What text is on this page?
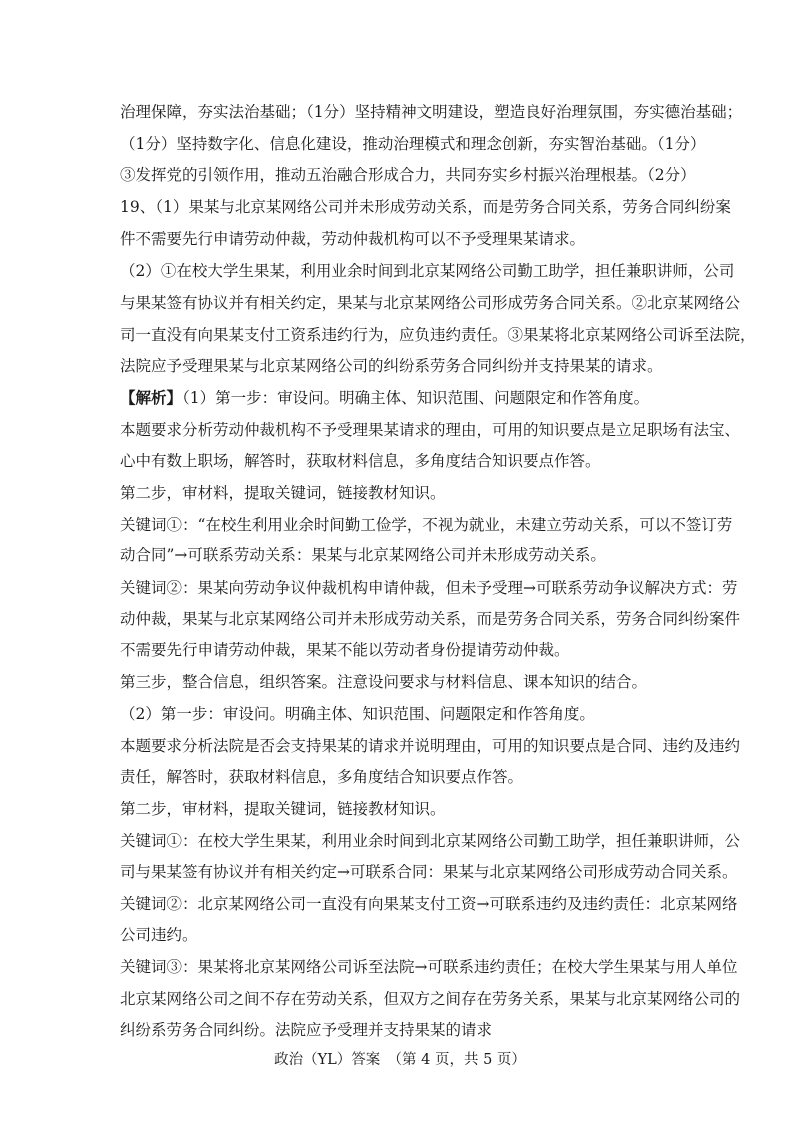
治理保障，夯实法治基础；（1分）坚持精神文明建设，塑造良好治理氛围，夯实德治基础；
（1分）坚持数字化、信息化建设，推动治理模式和理念创新，夯实智治基础。（1分）
③发挥党的引领作用，推动五治融合形成合力，共同夯实乡村振兴治理根基。（2分）
19、（1）果某与北京某网络公司并未形成劳动关系，而是劳务合同关系，劳务合同纠纷案
件不需要先行申请劳动仲裁，劳动仲裁机构可以不予受理果某请求。
（2）①在校大学生果某，利用业余时间到北京某网络公司勤工助学，担任兼职讲师，公司
与果某签有协议并有相关约定，果某与北京某网络公司形成劳务合同关系。②北京某网络公
司一直没有向果某支付工资系违约行为，应负违约责任。③果某将北京某网络公司诉至法院，
法院应予受理果某与北京某网络公司的纠纷系劳务合同纠纷并支持果某的请求。
【解析】（1）第一步：审设问。明确主体、知识范围、问题限定和作答角度。
本题要求分析劳动仲裁机构不予受理果某请求的理由，可用的知识要点是立足职场有法宝、
心中有数上职场，解答时，获取材料信息，多角度结合知识要点作答。
第二步，审材料，提取关键词，链接教材知识。
关键词①：“在校生利用业余时间勤工俭学，不视为就业，未建立劳动关系，可以不签订劳
动合同”→可联系劳动关系：果某与北京某网络公司并未形成劳动关系。
关键词②：果某向劳动争议仲裁机构申请仲裁，但未予受理→可联系劳动争议解决方式：劳
动仲裁，果某与北京某网络公司并未形成劳动关系，而是劳务合同关系，劳务合同纠纷案件
不需要先行申请劳动仲裁，果某不能以劳动者身份提请劳动仲裁。
第三步，整合信息，组织答案。注意设问要求与材料信息、课本知识的结合。
（2）第一步：审设问。明确主体、知识范围、问题限定和作答角度。
本题要求分析法院是否会支持果某的请求并说明理由，可用的知识要点是合同、违约及违约
责任，解答时，获取材料信息，多角度结合知识要点作答。
第二步，审材料，提取关键词，链接教材知识。
关键词①：在校大学生果某，利用业余时间到北京某网络公司勤工助学，担任兼职讲师，公
司与果某签有协议并有相关约定→可联系合同：果某与北京某网络公司形成劳动合同关系。
关键词②：北京某网络公司一直没有向果某支付工资→可联系违约及违约责任：北京某网络
公司违约。
关键词③：果某将北京某网络公司诉至法院→可联系违约责任；在校大学生果某与用人单位
北京某网络公司之间不存在劳动关系，但双方之间存在劳务关系，果某与北京某网络公司的
纠纷系劳务合同纠纷。法院应予受理并支持果某的请求
政治（YL）答案　（第 4 页，共 5 页）
